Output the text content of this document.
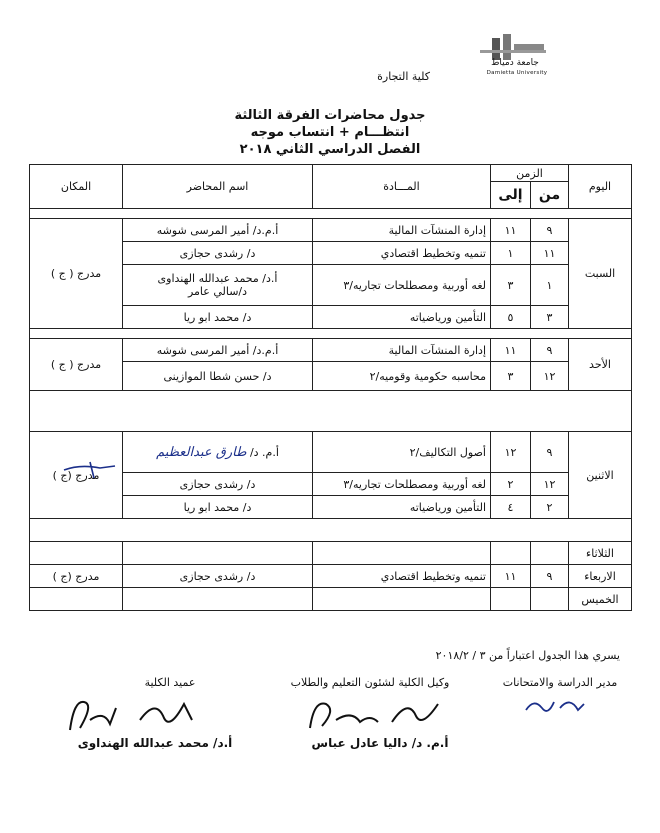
جامعة دمياط
Damietta University
كلية التجارة
جدول محاضرات الفرقة الثالثة
انتظـــام + انتساب موجه
الفصل الدراسي الثاني ٢٠١٨
اليوم	الزمن		المـــادة	اسم المحاضر	المكان
	من	إلى			

السبت	٩	١١	إدارة المنشآت المالية	أ.م.د/ أمير المرسى شوشه	مدرج ( ج )
	١١	١	تنميه وتخطيط اقتصادي	د/ رشدى حجازى	
	١	٣	لغه أوربية ومصطلحات تجاريه/٣	أ.د/ محمد عبدالله الهنداوى
د/سالي عامر	

	٣	٥	التأمين ورياضياته	د/ محمد ابو ريا	

الأحد	٩	١١	إدارة المنشآت المالية	أ.م.د/ أمير المرسى شوشه	مدرج ( ج )
	١٢	٣	محاسبه حكومية وقوميه/٢	د/ حسن شطا الموازينى	

الاثنين	٩	١٢	أصول التكاليف/٢	أ.م. د/ طارق عبدالعظيم	مدرج (ج )
	١٢	٢	لغه أوربية ومصطلحات تجاريه/٣	د/ رشدى حجازى	
	٢	٤	التأمين ورياضياته	د/ محمد ابو ريا	

الثلاثاء					
الاربعاء	٩	١١	تنميه وتخطيط اقتصادي	د/ رشدى حجازى	مدرج (ج )
الخميس					
يسري هذا الجدول اعتباراً من ٣ / ٢٠١٨/٢
عميد الكلية	وكيل الكلية لشئون التعليم والطلاب	مدير الدراسة والامتحانات
أ.د/ محمد عبدالله الهنداوى	أ.م. د/ داليا عادل عباس
